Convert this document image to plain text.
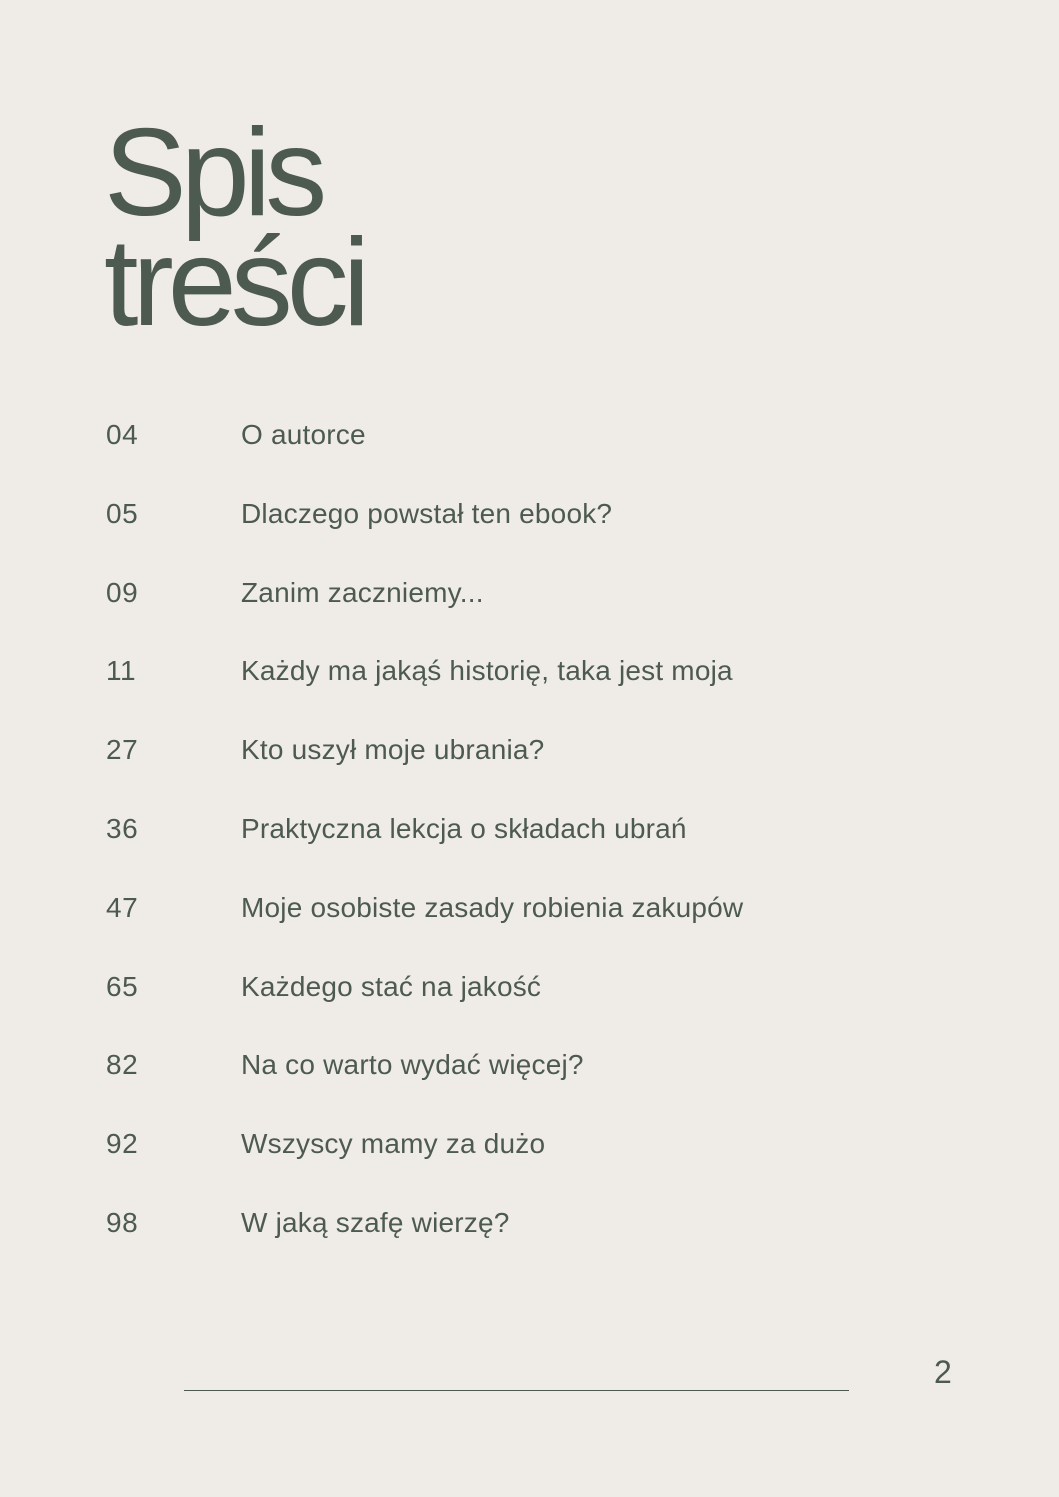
Spis
treści
04	O autorce
05	Dlaczego powstał ten ebook?
09	Zanim zaczniemy...
11	Każdy ma jakąś historię, taka jest moja
27	Kto uszył moje ubrania?
36	Praktyczna lekcja o składach ubrań
47	Moje osobiste zasady robienia zakupów
65	Każdego stać na jakość
82	Na co warto wydać więcej?
92	Wszyscy mamy za dużo
98	W jaką szafę wierzę?
2
